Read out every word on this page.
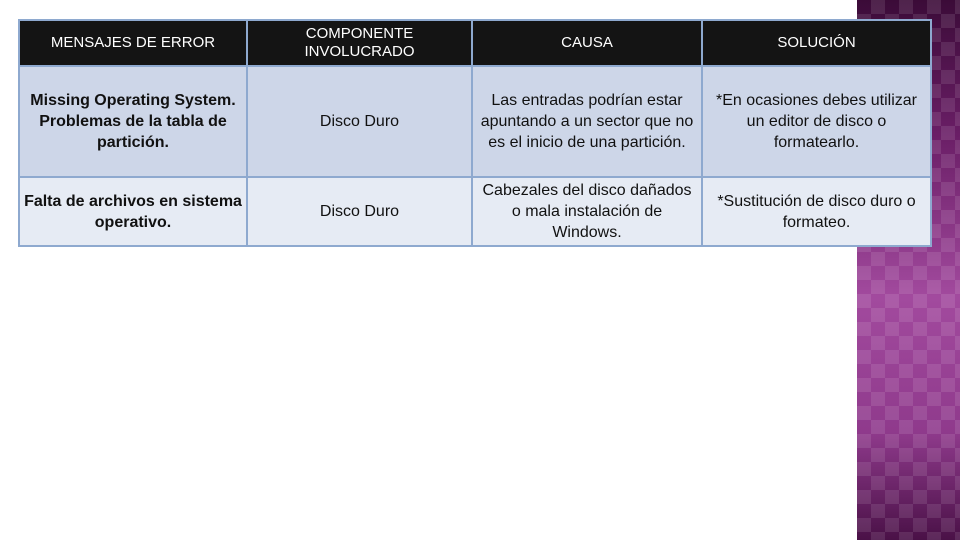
MENSAJES DE ERROR	COMPONENTE INVOLUCRADO	CAUSA	SOLUCIÓN
Missing Operating System. Problemas de la tabla de partición.	Disco Duro	Las entradas podrían estar apuntando a un sector que no es el inicio de una partición.	*En ocasiones debes utilizar un editor de disco o formatearlo.
Falta de archivos en sistema operativo.	Disco Duro	Cabezales del disco dañados o mala instalación de Windows.	*Sustitución de disco duro o formateo.
